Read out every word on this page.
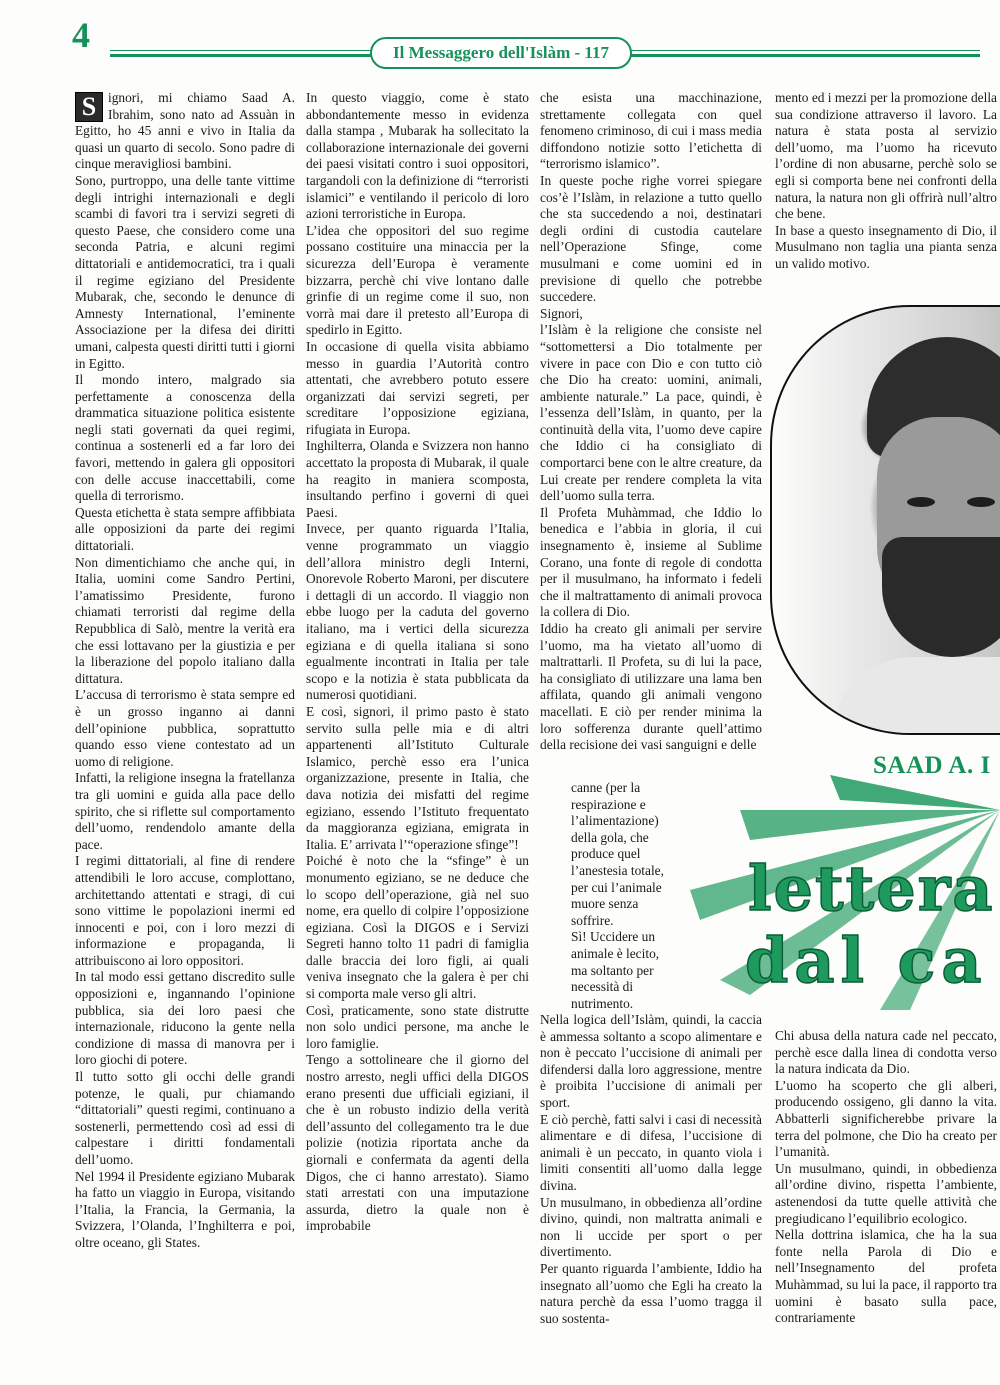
4	Il Messaggero dell'Islàm - 117

S ignori, mi chiamo Saad A. Ibrahim, sono nato ad Assuàn in Egitto, ho 45 anni e vivo in Italia da quasi un quarto di secolo. Sono padre di cinque meravigliosi bambini.

Sono, purtroppo, una delle tante vittime degli intrighi internazionali e degli scambi di favori tra i servizi segreti di questo Paese, che considero come una seconda Patria, e alcuni regimi dittatoriali e antidemocratici, tra i quali il regime egiziano del Presidente Mubarak, che, secondo le denunce di Amnesty International, l’eminente Associazione per la difesa dei diritti umani, calpesta questi diritti tutti i giorni in Egitto.

Il mondo intero, malgrado sia perfettamente a conoscenza della drammatica situazione politica esistente negli stati governati da quei regimi, continua a sostenerli ed a far loro dei favori, mettendo in galera gli oppositori con delle accuse inaccettabili, come quella di terrorismo.

Questa etichetta è stata sempre affibbiata alle opposizioni da parte dei regimi dittatoriali.

Non dimentichiamo che anche qui, in Italia, uomini come Sandro Pertini, l’amatissimo Presidente, furono chiamati terroristi dal regime della Repubblica di Salò, mentre la verità era che essi lottavano per la giustizia e per la liberazione del popolo italiano dalla dittatura.

L’accusa di terrorismo è stata sempre ed è un grosso inganno ai danni dell’opinione pubblica, soprattutto quando esso viene contestato ad un uomo di religione.

Infatti, la religione insegna la fratellanza tra gli uomini e guida alla pace dello spirito, che si riflette sul comportamento dell’uomo, rendendolo amante della pace.

I regimi dittatoriali, al fine di rendere attendibili le loro accuse, complottano, architettando attentati e stragi, di cui sono vittime le popolazioni inermi ed innocenti e poi, con i loro mezzi di informazione e propaganda, li attribuiscono ai loro oppositori.

In tal modo essi gettano discredito sulle opposizioni e, ingannando l’opinione pubblica, sia dei loro paesi che internazionale, riducono la gente nella condizione di massa di manovra per i loro giochi di potere.

Il tutto sotto gli occhi delle grandi potenze, le quali, pur chiamando “dittatoriali” questi regimi, continuano a sostenerli, permettendo così ad essi di calpestare i diritti fondamentali dell’uomo.

Nel 1994 il Presidente egiziano Mubarak ha fatto un viaggio in Europa, visitando l’Italia, la Francia, la Germania, la Svizzera, l’Olanda, l’Inghilterra e poi, oltre oceano, gli States.

In questo viaggio, come è stato abbondantemente messo in evidenza dalla stampa , Mubarak ha sollecitato la collaborazione internazionale dei governi dei paesi visitati contro i suoi oppositori, targandoli con la definizione di “terroristi islamici” e ventilando il pericolo di loro azioni terroristiche in Europa.

L’idea che oppositori del suo regime possano costituire una minaccia per la sicurezza dell’Europa è veramente bizzarra, perchè chi vive lontano dalle grinfie di un regime come il suo, non vorrà mai dare il pretesto all’Europa di spedirlo in Egitto.

In occasione di quella visita abbiamo messo in guardia l’Autorità contro attentati, che avrebbero potuto essere organizzati dai servizi segreti, per screditare l’opposizione egiziana, rifugiata in Europa.

Inghilterra, Olanda e Svizzera non hanno accettato la proposta di Mubarak, il quale ha reagito in maniera scomposta, insultando perfino i governi di quei Paesi.

Invece, per quanto riguarda l’Italia, venne programmato un viaggio dell’allora ministro degli Interni, Onorevole Roberto Maroni, per discutere i dettagli di un accordo. Il viaggio non ebbe luogo per la caduta del governo italiano, ma i vertici della sicurezza egiziana e di quella italiana si sono egualmente incontrati in Italia per tale scopo e la notizia è stata pubblicata da numerosi quotidiani.

E così, signori, il primo pasto è stato servito sulla pelle mia e di altri appartenenti all’Istituto Culturale Islamico, perchè esso era l’unica organizzazione, presente in Italia, che dava notizia dei misfatti del regime egiziano, essendo l’Istituto frequentato da maggioranza egiziana, emigrata in Italia. E’ arrivata l’“operazione sfinge”!

Poiché è noto che la “sfinge” è un monumento egiziano, se ne deduce che lo scopo dell’operazione, già nel suo nome, era quello di colpire l’opposizione egiziana. Così la DIGOS e i Servizi Segreti hanno tolto 11 padri di famiglia dalle braccia dei loro figli, ai quali veniva insegnato che la galera è per chi si comporta male verso gli altri.

Così, praticamente, sono state distrutte non solo undici persone, ma anche le loro famiglie.

Tengo a sottolineare che il giorno del nostro arresto, negli uffici della DIGOS erano presenti due ufficiali egiziani, il che è un robusto indizio della verità dell’assunto del collegamento tra le due polizie (notizia riportata anche da giornali e confermata da agenti della Digos, che ci hanno arrestato). Siamo stati arrestati con una imputazione assurda, dietro la quale non è improbabile

che esista una macchinazione, strettamente collegata con quel fenomeno criminoso, di cui i mass media diffondono notizie sotto l’etichetta di “terrorismo islamico”.

In queste poche righe vorrei spiegare cos’è l’Islàm, in relazione a tutto quello che sta succedendo a noi, destinatari degli ordini di custodia cautelare nell’Operazione Sfinge, come musulmani e come uomini ed in previsione di quello che potrebbe succedere.

Signori,

l’Islàm è la religione che consiste nel “sottomettersi a Dio totalmente per vivere in pace con Dio e con tutto ciò che Dio ha creato: uomini, animali, ambiente naturale.” La pace, quindi, è l’essenza dell’Islàm, in quanto, per la continuità della vita, l’uomo deve capire che Iddio ci ha consigliato di comportarci bene con le altre creature, da Lui create per rendere completa la vita dell’uomo sulla terra.

Il Profeta Muhàmmad, che Iddio lo benedica e l’abbia in gloria, il cui insegnamento è, insieme al Sublime Corano, una fonte di regole di condotta per il musulmano, ha informato i fedeli che il maltrattamento di animali provoca la collera di Dio.

Iddio ha creato gli animali per servire l’uomo, ma ha vietato all’uomo di maltrattarli. Il Profeta, su di lui la pace, ha consigliato di utilizzare una lama ben affilata, quando gli animali vengono macellati. E ciò per render minima la loro sofferenza durante quell’attimo della recisione dei vasi sanguigni e delle

canne (per la respirazione e l’alimentazione) della gola, che produce quel l’anestesia totale, per cui l’animale muore senza soffrire.

Sì! Uccidere un animale è lecito, ma soltanto per necessità di nutrimento.

Nella logica dell’Islàm, quindi, la caccia è ammessa soltanto a scopo alimentare e non è peccato l’uccisione di animali per difendersi dalla loro aggressione, mentre è proibita l’uccisione di animali per sport.

E ciò perchè, fatti salvi i casi di necessità alimentare e di difesa, l’uccisione di animali è un peccato, in quanto viola i limiti consentiti all’uomo dalla legge divina.

Un musulmano, in obbedienza all’ordine divino, quindi, non maltratta animali e non li uccide per sport o per divertimento.

Per quanto riguarda l’ambiente, Iddio ha insegnato all’uomo che Egli ha creato la natura perchè da essa l’uomo tragga il suo sostenta-

mento ed i mezzi per la promozione della sua condizione attraverso il lavoro. La natura è stata posta al servizio dell’uomo, ma l’uomo ha ricevuto l’ordine di non abusarne, perchè solo se egli si comporta bene nei confronti della natura, la natura non gli offrirà null’altro che bene.

In base a questo insegnamento di Dio, il Musulmano non taglia una pianta senza un valido motivo.

SAAD A. I
lettera
dal ca

Chi abusa della natura cade nel peccato, perchè esce dalla linea di condotta verso la natura indicata da Dio.

L’uomo ha scoperto che gli alberi, producendo ossigeno, gli danno la vita. Abbatterli significherebbe privare la terra del polmone, che Dio ha creato per l’umanità.

Un musulmano, quindi, in obbedienza all’ordine divino, rispetta l’ambiente, astenendosi da tutte quelle attività che pregiudicano l’equilibrio ecologico.

Nella dottrina islamica, che ha la sua fonte nella Parola di Dio e nell’Insegnamento del profeta Muhàmmad, su lui la pace, il rapporto tra uomini è basato sulla pace, contrariamente
